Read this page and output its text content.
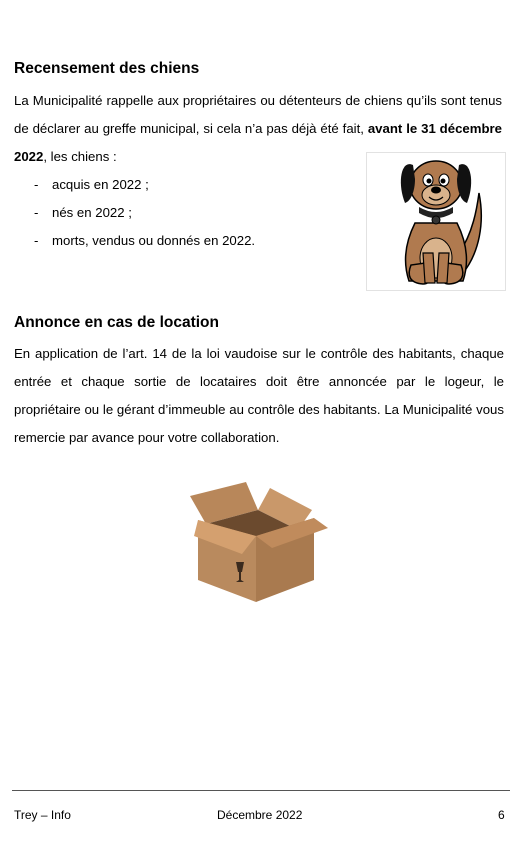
Recensement des chiens

La Municipalité rappelle aux propriétaires ou détenteurs de chiens qu’ils sont tenus de déclarer au greffe municipal, si cela n’a pas déjà été fait, avant le 31 décembre 2022, les chiens :

- acquis en 2022 ;
- nés en 2022 ;
- morts, vendus ou donnés en 2022.
Annonce en cas de location

En application de l’art. 14 de la loi vaudoise sur le contrôle des habitants, chaque entrée et chaque sortie de locataires doit être annoncée par le logeur, le propriétaire ou le gérant d’immeuble au contrôle des habitants. La Municipalité vous remercie par avance pour votre collaboration.

Trey – Info	Décembre 2022	6
